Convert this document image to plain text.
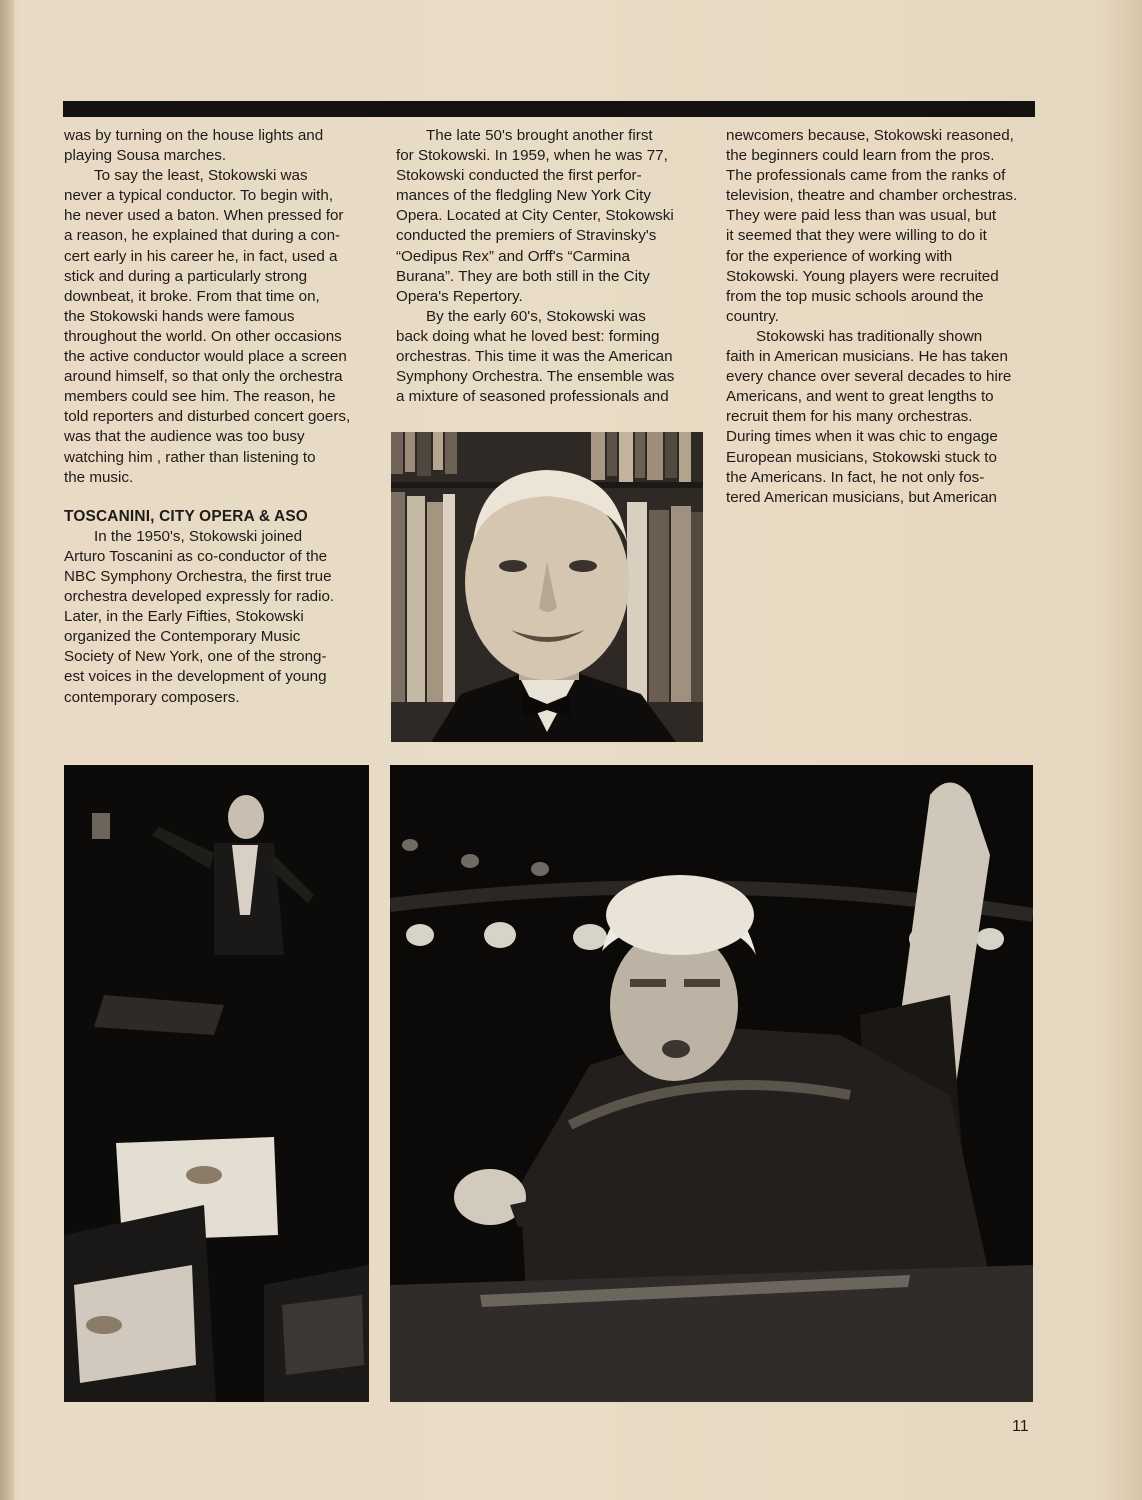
was by turning on the house lights and
playing Sousa marches.

To say the least, Stokowski was
never a typical conductor. To begin with,
he never used a baton. When pressed for
a reason, he explained that during a con-
cert early in his career he, in fact, used a
stick and during a particularly strong
downbeat, it broke. From that time on,
the Stokowski hands were famous
throughout the world. On other occasions
the active conductor would place a screen
around himself, so that only the orchestra
members could see him. The reason, he
told reporters and disturbed concert goers,
was that the audience was too busy
watching him , rather than listening to
the music.

TOSCANINI, CITY OPERA & ASO

In the 1950's, Stokowski joined
Arturo Toscanini as co-conductor of the
NBC Symphony Orchestra, the first true
orchestra developed expressly for radio.
Later, in the Early Fifties, Stokowski
organized the Contemporary Music
Society of New York, one of the strong-
est voices in the development of young
contemporary composers.

The late 50's brought another first
for Stokowski. In 1959, when he was 77,
Stokowski conducted the first perfor-
mances of the fledgling New York City
Opera. Located at City Center, Stokowski
conducted the premiers of Stravinsky's
“Oedipus Rex” and Orff's “Carmina
Burana”. They are both still in the City
Opera's Repertory.

By the early 60's, Stokowski was
back doing what he loved best: forming
orchestras. This time it was the American
Symphony Orchestra. The ensemble was
a mixture of seasoned professionals and

newcomers because, Stokowski reasoned,
the beginners could learn from the pros.
The professionals came from the ranks of
television, theatre and chamber orchestras.
They were paid less than was usual, but
it seemed that they were willing to do it
for the experience of working with
Stokowski. Young players were recruited
from the top music schools around the
country.

Stokowski has traditionally shown
faith in American musicians. He has taken
every chance over several decades to hire
Americans, and went to great lengths to
recruit them for his many orchestras.
During times when it was chic to engage
European musicians, Stokowski stuck to
the Americans. In fact, he not only fos-
tered American musicians, but American

11
